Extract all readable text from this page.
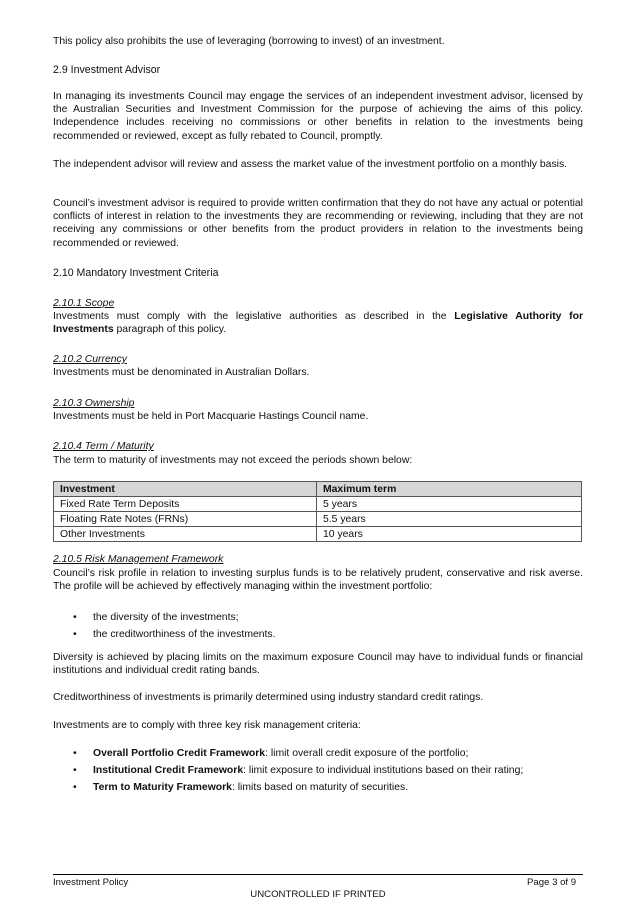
This policy also prohibits the use of leveraging (borrowing to invest) of an investment.

2.9 Investment Advisor

In managing its investments Council may engage the services of an independent investment advisor, licensed by the Australian Securities and Investment Commission for the purpose of achieving the aims of this policy. Independence includes receiving no commissions or other benefits in relation to the investments being recommended or reviewed, except as fully rebated to Council, promptly.

The independent advisor will review and assess the market value of the investment portfolio on a monthly basis.

Council’s investment advisor is required to provide written confirmation that they do not have any actual or potential conflicts of interest in relation to the investments they are recommending or reviewing, including that they are not receiving any commissions or other benefits from the product providers in relation to the investments being recommended or reviewed.

2.10 Mandatory Investment Criteria

2.10.1 Scope

Investments must comply with the legislative authorities as described in the Legislative Authority for Investments paragraph of this policy.

2.10.2 Currency

Investments must be denominated in Australian Dollars.

2.10.3 Ownership

Investments must be held in Port Macquarie Hastings Council name.

2.10.4 Term / Maturity

The term to maturity of investments may not exceed the periods shown below:

Investment	Maximum term
Fixed Rate Term Deposits	5 years
Floating Rate Notes (FRNs)	5.5 years
Other Investments	10 years

2.10.5 Risk Management Framework

Council’s risk profile in relation to investing surplus funds is to be relatively prudent, conservative and risk averse. The profile will be achieved by effectively managing within the investment portfolio:

• the diversity of the investments;
• the creditworthiness of the investments.

Diversity is achieved by placing limits on the maximum exposure Council may have to individual funds or financial institutions and individual credit rating bands.

Creditworthiness of investments is primarily determined using industry standard credit ratings.

Investments are to comply with three key risk management criteria:

• Overall Portfolio Credit Framework: limit overall credit exposure of the portfolio;
• Institutional Credit Framework: limit exposure to individual institutions based on their rating;
• Term to Maturity Framework: limits based on maturity of securities.
Investment Policy	Page 3 of 9
UNCONTROLLED IF PRINTED
